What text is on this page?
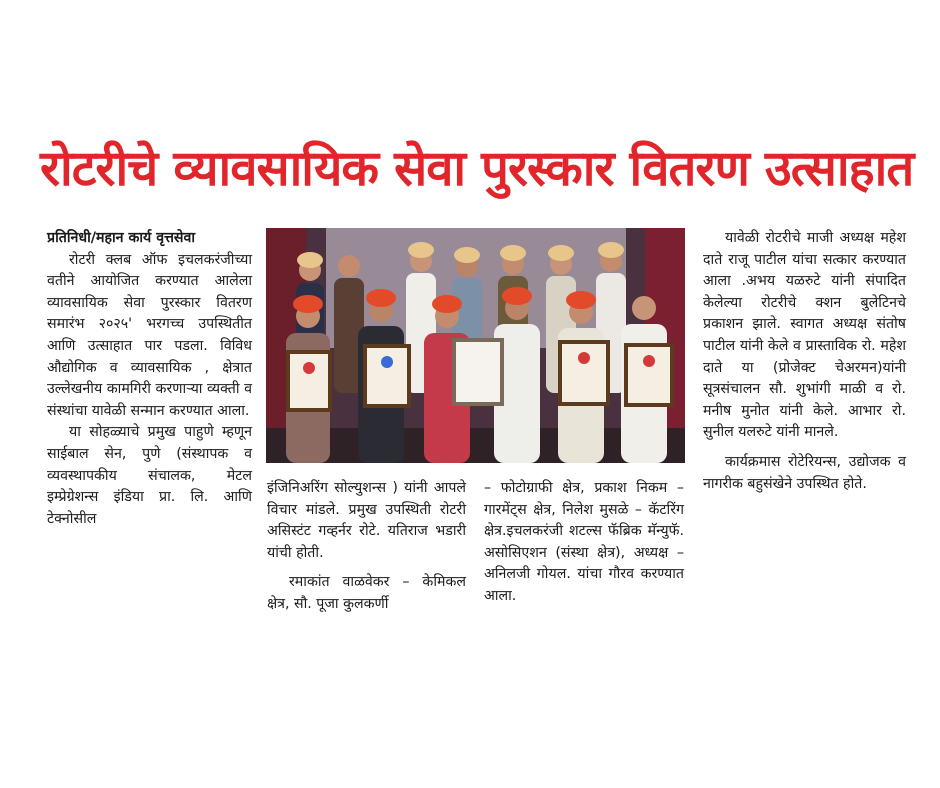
रोटरीचे व्यावसायिक सेवा पुरस्कार वितरण उत्साहात

प्रतिनिधी/महान कार्य वृत्तसेवा

रोटरी क्लब ऑफ इचलकरंजीच्या वतीने आयोजित करण्यात आलेला व्यावसायिक सेवा पुरस्कार वितरण समारंभ २०२५' भरगच्च उपस्थितीत आणि उत्साहात पार पडला. विविध औद्योगिक व व्यावसायिक , क्षेत्रात उल्लेखनीय कामगिरी करणाऱ्या व्यक्ती व संस्थांचा यावेळी सन्मान करण्यात आला.

या सोहळ्याचे प्रमुख पाहुणे म्हणून साईबाल सेन, पुणे (संस्थापक व व्यवस्थापकीय संचालक, मेटल इम्प्रेग्रेशन्स इंडिया प्रा. लि. आणि टेक्नोसील

इंजिनिअरिंग सोल्युशन्स ) यांनी आपले विचार मांडले. प्रमुख उपस्थिती रोटरी असिस्टंट गव्हर्नर रोटे. यतिराज भडारी यांची होती.

रमाकांत वाळवेकर – केमिकल क्षेत्र, सौ. पूजा कुलकर्णी

– फोटोग्राफी क्षेत्र, प्रकाश निकम – गारमेंट्स क्षेत्र, निलेश मुसळे – कॅटरिंग क्षेत्र.इचलकरंजी शटल्स फॅब्रिक मॅन्युफॅ. असोसिएशन (संस्था क्षेत्र), अध्यक्ष – अनिलजी गोयल. यांचा गौरव करण्यात आला.

यावेळी रोटरीचे माजी अध्यक्ष महेश दाते राजू पाटील यांचा सत्कार करण्यात आला .अभय यळरुटे यांनी संपादित केलेल्या रोटरीचे क्शन बुलेटिनचे प्रकाशन झाले. स्वागत अध्यक्ष संतोष पाटील यांनी केले व प्रास्ताविक रो. महेश दाते या (प्रोजेक्ट चेअरमन)यांनी सूत्रसंचालन सौ. शुभांगी माळी व रो. मनीष मुनोत यांनी केले. आभार रो. सुनील यलरुटे यांनी मानले.

कार्यक्रमास रोटेरियन्स, उद्योजक व नागरीक बहुसंखेने उपस्थित होते.
